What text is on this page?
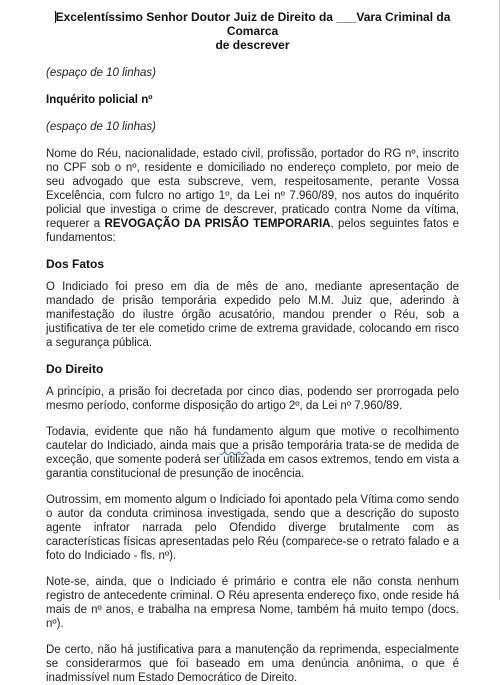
Excelentíssimo Senhor Doutor Juiz de Direito da ___Vara Criminal da Comarca
de descrever
(espaço de 10 linhas)
Inquérito policial nº
(espaço de 10 linhas)

Nome do Réu, nacionalidade, estado civil, profissão, portador do RG nº, inscrito no CPF sob o nº, residente e domiciliado no endereço completo, por meio de seu advogado que esta subscreve, vem, respeitosamente, perante Vossa Excelência, com fulcro no artigo 1º, da Lei nº 7.960/89, nos autos do inquérito policial que investiga o crime de descrever, praticado contra Nome da vítima, requerer a REVOGAÇÃO DA PRISÃO TEMPORARIA, pelos seguintes fatos e fundamentos:

Dos Fatos

O Indiciado foi preso em dia de mês de ano, mediante apresentação de mandado de prisão temporária expedido pelo M.M. Juiz que, aderindo à manifestação do ilustre órgão acusatório, mandou prender o Réu, sob a justificativa de ter ele cometido crime de extrema gravidade, colocando em risco a segurança pública.

Do Direito

A princípio, a prisão foi decretada por cinco dias, podendo ser prorrogada pelo mesmo período, conforme disposição do artigo 2º, da Lei nº 7.960/89.

Todavia, evidente que não há fundamento algum que motive o recolhimento cautelar do Indiciado, ainda mais que a prisão temporária trata-se de medida de exceção, que somente poderá ser utilizada em casos extremos, tendo em vista a garantia constitucional de presunção de inocência.

Outrossim, em momento algum o Indiciado foi apontado pela Vítima como sendo o autor da conduta criminosa investigada, sendo que a descrição do suposto agente infrator narrada pelo Ofendido diverge brutalmente com as características físicas apresentadas pelo Réu (comparece-se o retrato falado e a foto do Indiciado - fls. nº).

Note-se, ainda, que o Indiciado é primário e contra ele não consta nenhum registro de antecedente criminal. O Réu apresenta endereço fixo, onde reside há mais de nº anos, e trabalha na empresa Nome, também há muito tempo (docs. nº).

De certo, não há justificativa para a manutenção da reprimenda, especialmente se considerarmos que foi baseado em uma denúncia anônima, o que é inadmissível num Estado Democrático de Direito.
